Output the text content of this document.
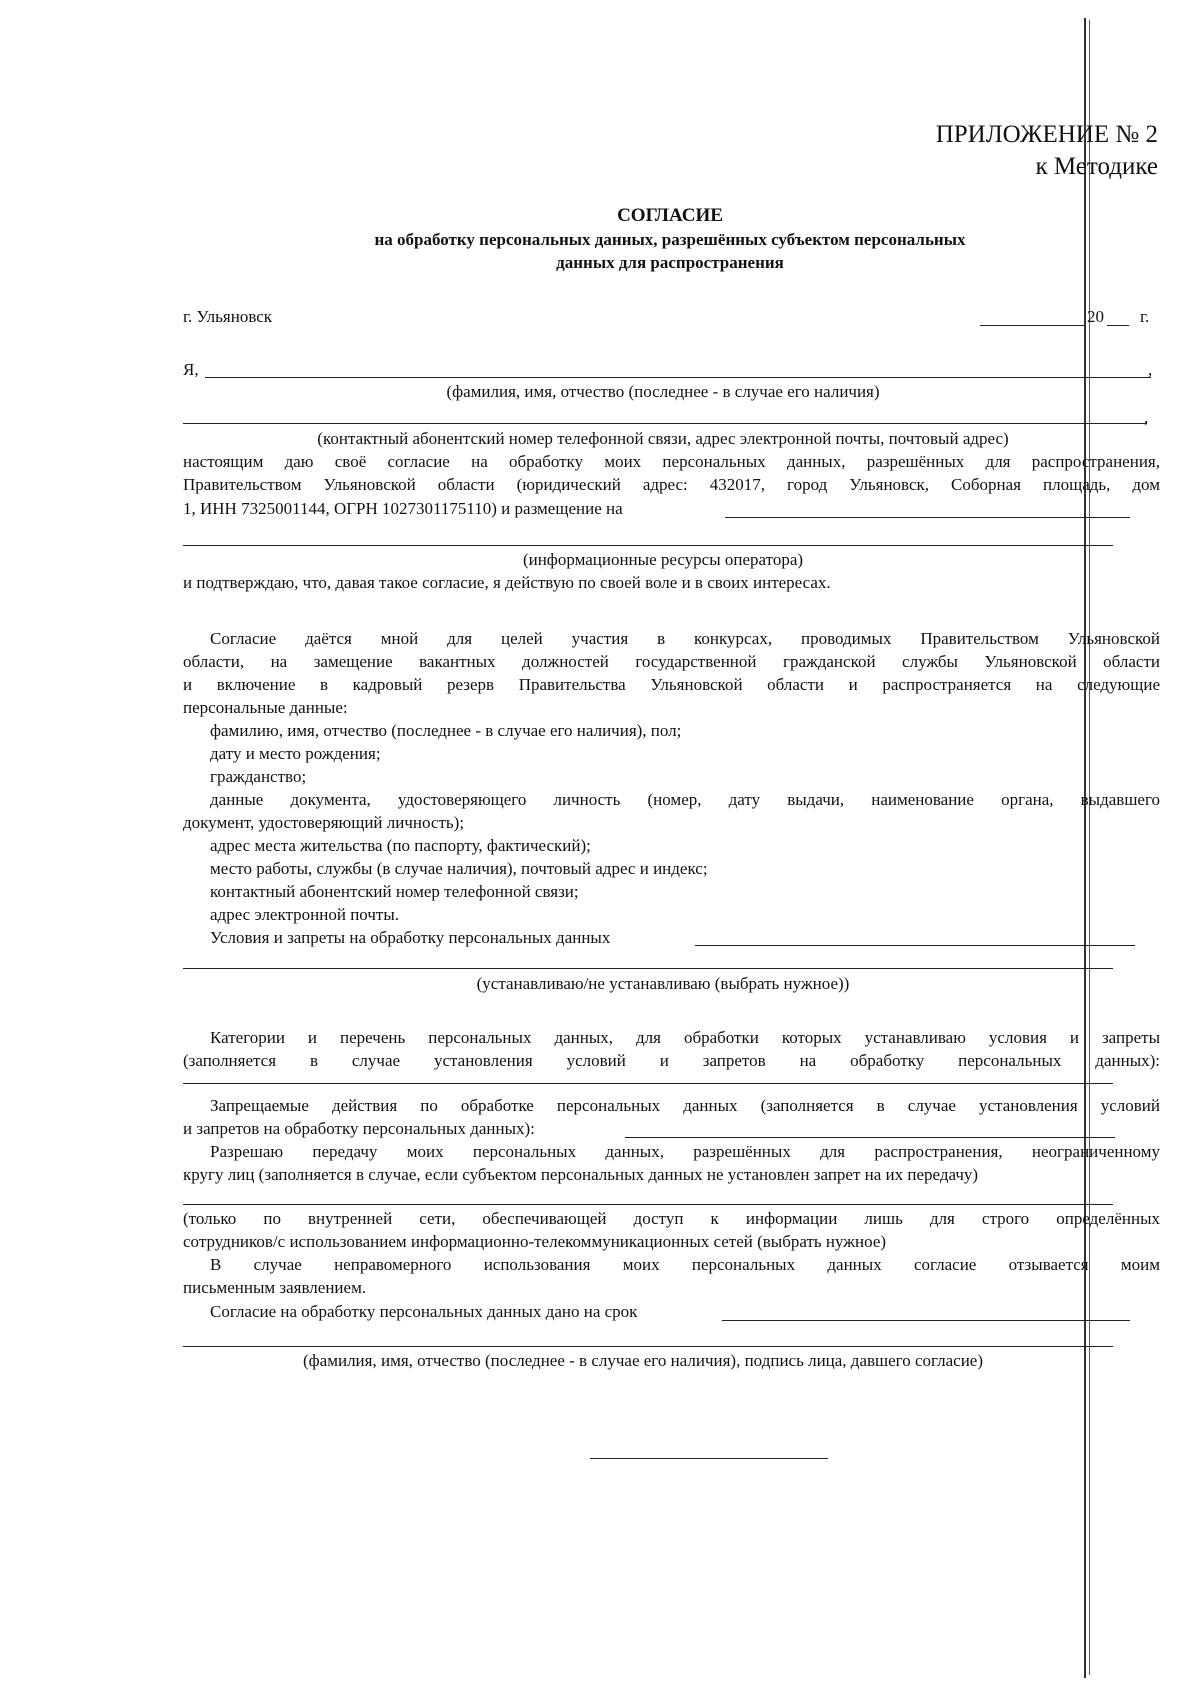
ПРИЛОЖЕНИЕ № 2
к Методике
СОГЛАСИЕ
на обработку персональных данных, разрешённых субъектом персональных
данных для распространения
г. Ульяновск	20 г.
Я,	,
(фамилия, имя, отчество (последнее - в случае его наличия)
,
(контактный абонентский номер телефонной связи, адрес электронной почты, почтовый адрес)
настоящим даю своё согласие на обработку моих персональных данных, разрешённых для распространения,
Правительством Ульяновской области (юридический адрес: 432017, город Ульяновск, Соборная площадь, дом
1, ИНН 7325001144, ОГРН 1027301175110) и размещение на
(информационные ресурсы оператора)
и подтверждаю, что, давая такое согласие, я действую по своей воле и в своих интересах.
Согласие даётся мной для целей участия в конкурсах, проводимых Правительством Ульяновской
области, на замещение вакантных должностей государственной гражданской службы Ульяновской области
и включение в кадровый резерв Правительства Ульяновской области и распространяется на следующие
персональные данные:
фамилию, имя, отчество (последнее - в случае его наличия), пол;
дату и место рождения;
гражданство;
данные документа, удостоверяющего личность (номер, дату выдачи, наименование органа, выдавшего
документ, удостоверяющий личность);
адрес места жительства (по паспорту, фактический);
место работы, службы (в случае наличия), почтовый адрес и индекс;
контактный абонентский номер телефонной связи;
адрес электронной почты.
Условия и запреты на обработку персональных данных
(устанавливаю/не устанавливаю (выбрать нужное))
Категории и перечень персональных данных, для обработки которых устанавливаю условия и запреты
(заполняется в случае установления условий и запретов на обработку персональных данных):
Запрещаемые действия по обработке персональных данных (заполняется в случае установления условий
и запретов на обработку персональных данных):
Разрешаю передачу моих персональных данных, разрешённых для распространения, неограниченному
кругу лиц (заполняется в случае, если субъектом персональных данных не установлен запрет на их передачу)
(только по внутренней сети, обеспечивающей доступ к информации лишь для строго определённых
сотрудников/с использованием информационно-телекоммуникационных сетей (выбрать нужное)
В случае неправомерного использования моих персональных данных согласие отзывается моим
письменным заявлением.
Согласие на обработку персональных данных дано на срок
(фамилия, имя, отчество (последнее - в случае его наличия), подпись лица, давшего согласие)
